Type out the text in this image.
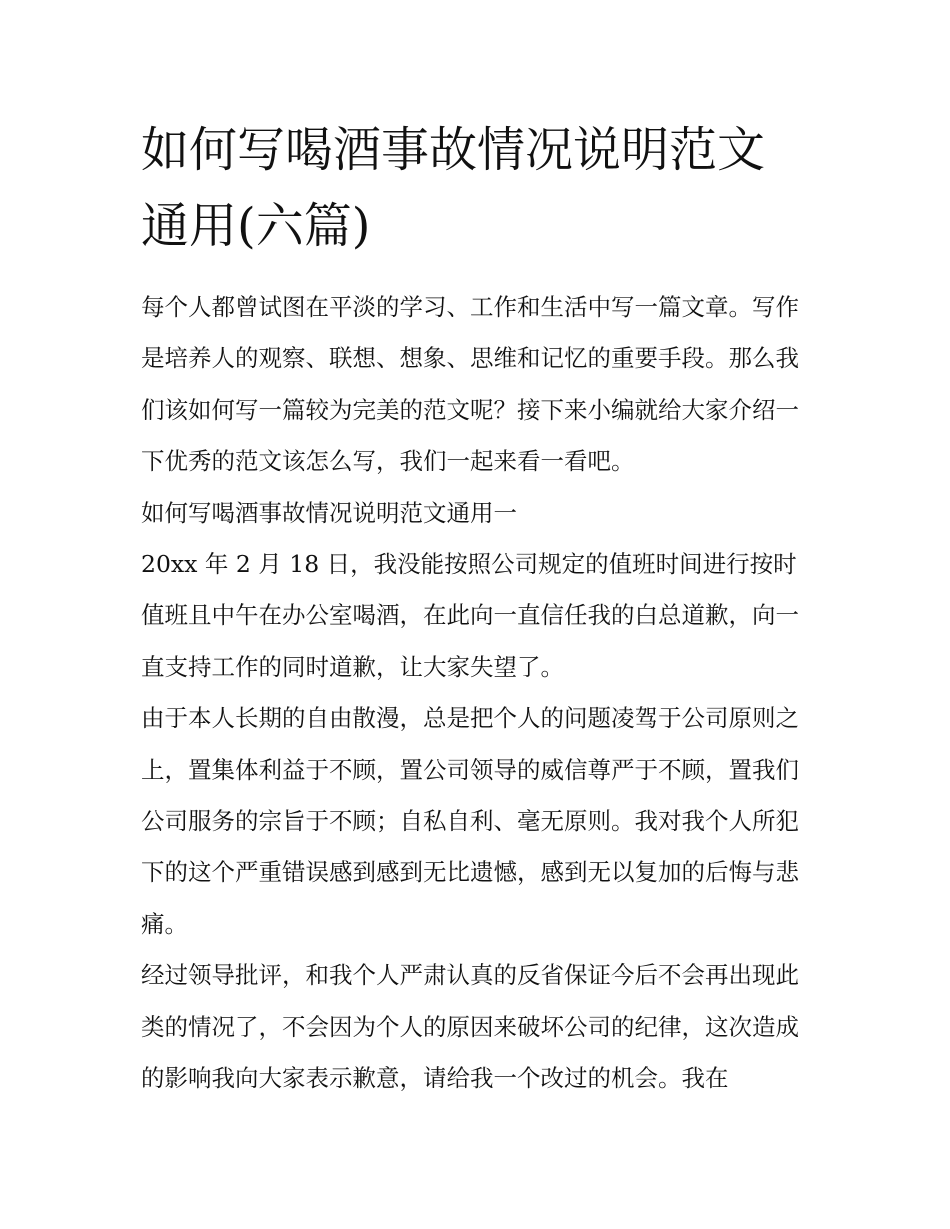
如何写喝酒事故情况说明范文
通用(六篇)

每个人都曾试图在平淡的学习、工作和生活中写一篇文章。写作是培养人的观察、联想、想象、思维和记忆的重要手段。那么我们该如何写一篇较为完美的范文呢？接下来小编就给大家介绍一下优秀的范文该怎么写，我们一起来看一看吧。

如何写喝酒事故情况说明范文通用一

20xx 年 2 月 18 日，我没能按照公司规定的值班时间进行按时值班且中午在办公室喝酒，在此向一直信任我的白总道歉，向一直支持工作的同时道歉，让大家失望了。

由于本人长期的自由散漫，总是把个人的问题凌驾于公司原则之上，置集体利益于不顾，置公司领导的威信尊严于不顾，置我们公司服务的宗旨于不顾；自私自利、毫无原则。我对我个人所犯下的这个严重错误感到感到无比遗憾，感到无以复加的后悔与悲痛。

经过领导批评，和我个人严肃认真的反省保证今后不会再出现此类的情况了，不会因为个人的原因来破坏公司的纪律，这次造成的影响我向大家表示歉意，请给我一个改过的机会。我在
